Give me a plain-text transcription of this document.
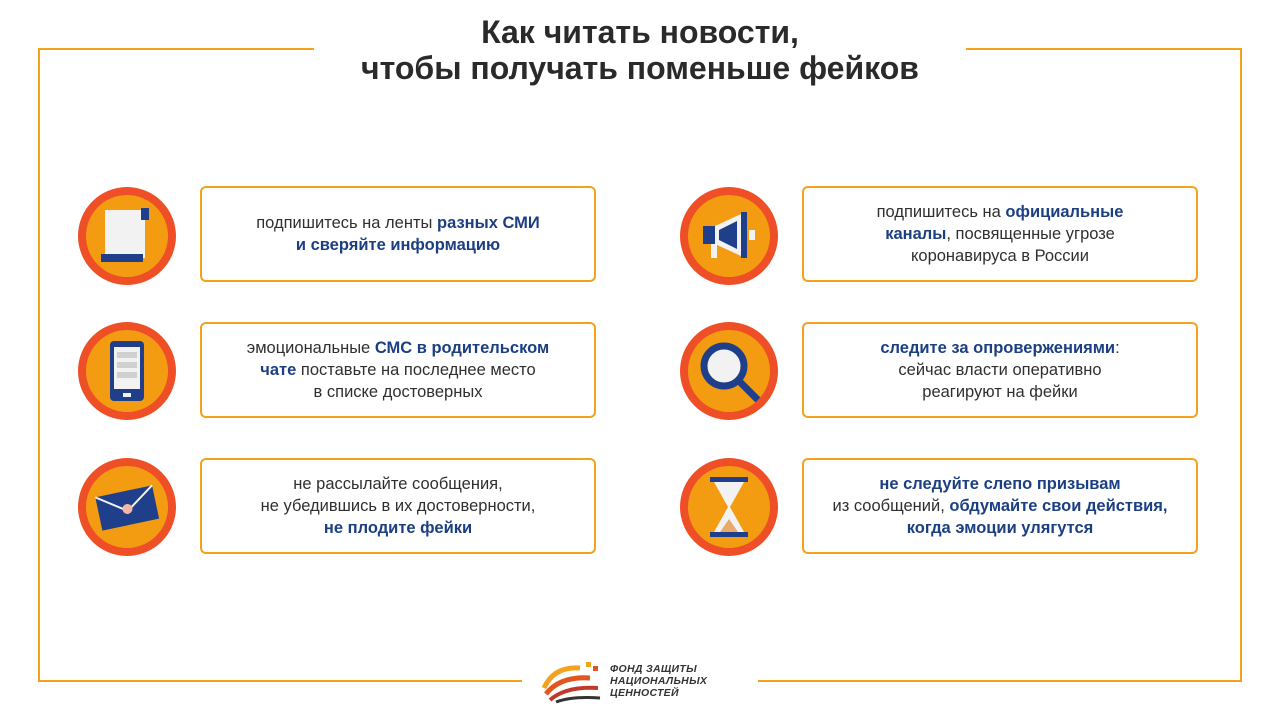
Как читать новости,
чтобы получать поменьше фейков
подпишитесь на ленты разных СМИ
и сверяйте информацию
подпишитесь на официальные
каналы, посвященные угрозе
коронавируса в России
эмоциональные СМС в родительском
чате поставьте на последнее место
в списке достоверных
следите за опровержениями:
сейчас власти оперативно
реагируют на фейки
не рассылайте сообщения,
не убедившись в их достоверности,
не плодите фейки
не следуйте слепо призывам
из сообщений, обдумайте свои действия,
когда эмоции улягутся
ФОНД ЗАЩИТЫ
НАЦИОНАЛЬНЫХ
ЦЕННОСТЕЙ
